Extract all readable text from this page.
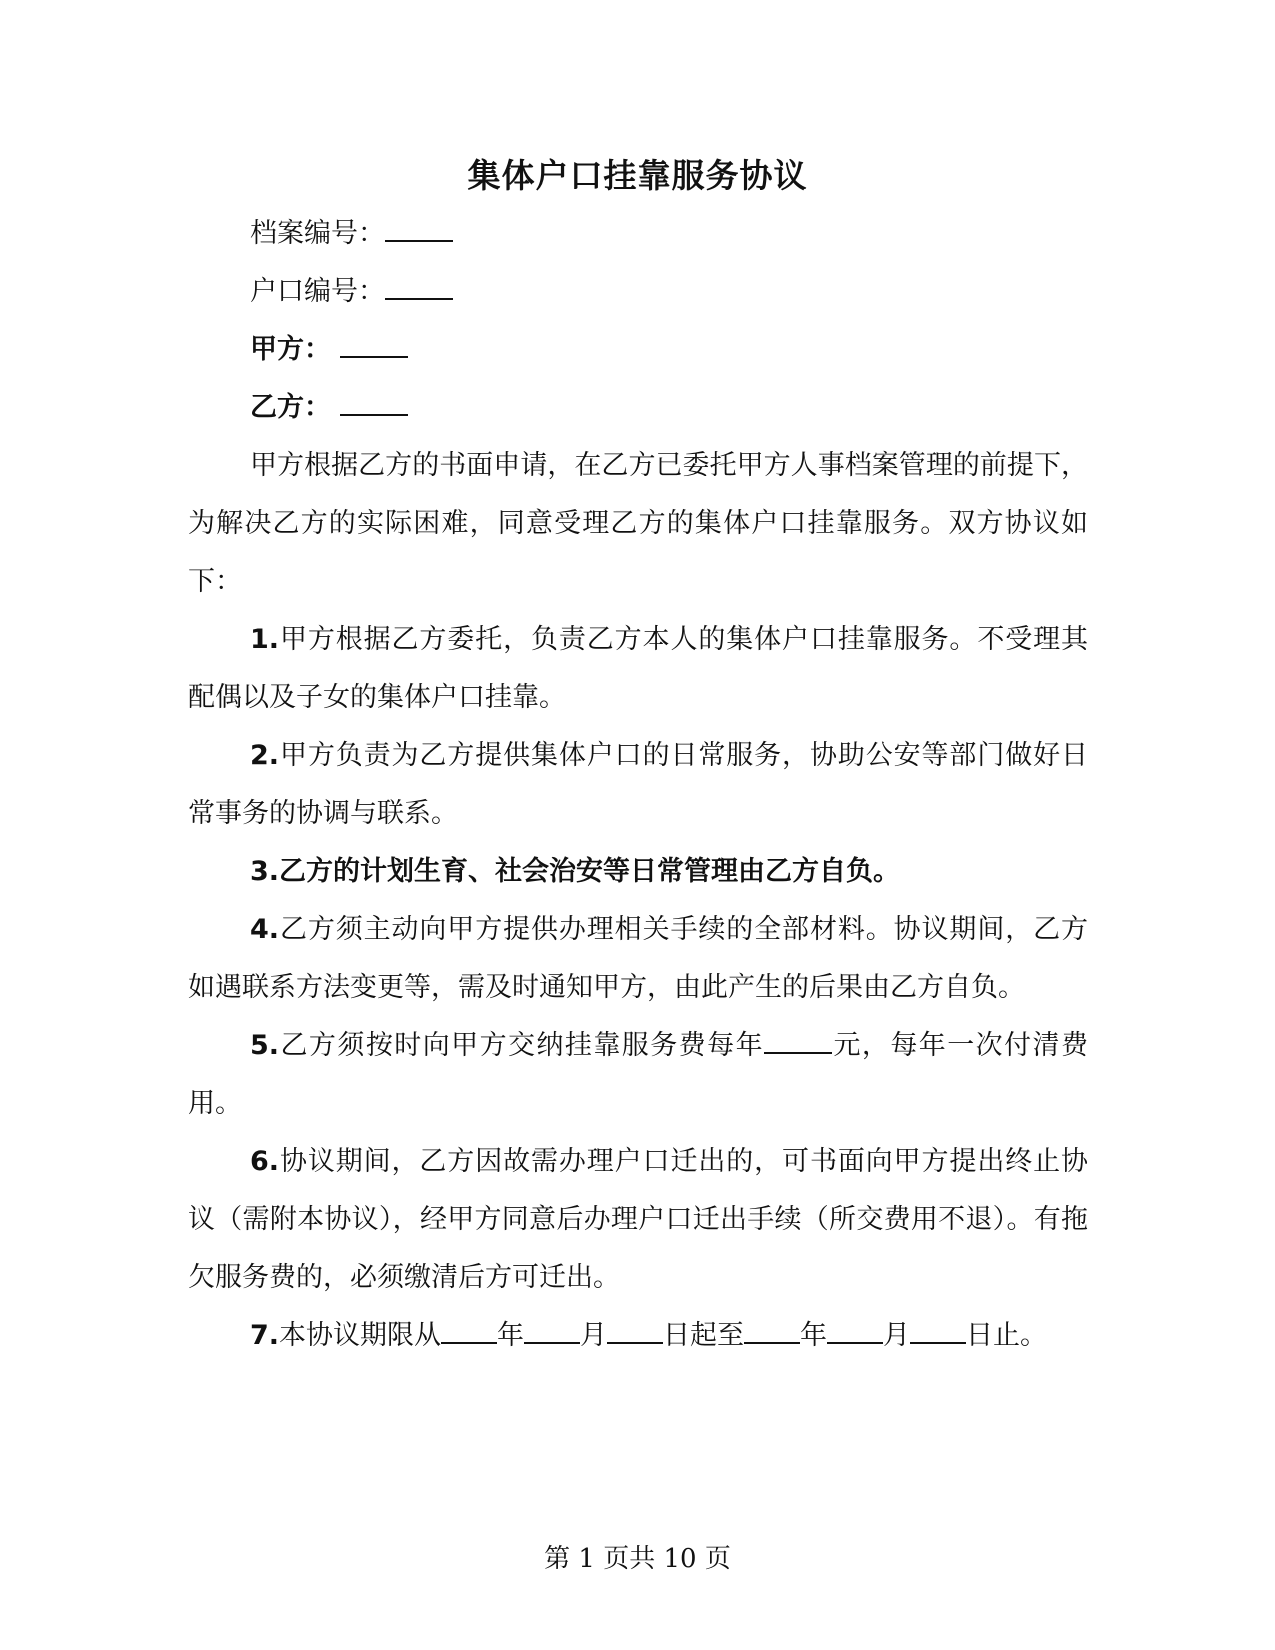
集体户口挂靠服务协议

档案编号：

户口编号：

甲方：

乙方：

甲方根据乙方的书面申请，在乙方已委托甲方人事档案管理的前提下，为解决乙方的实际困难，同意受理乙方的集体户口挂靠服务。双方协议如下：

1.甲方根据乙方委托，负责乙方本人的集体户口挂靠服务。不受理其配偶以及子女的集体户口挂靠。

2.甲方负责为乙方提供集体户口的日常服务，协助公安等部门做好日常事务的协调与联系。

3.乙方的计划生育、社会治安等日常管理由乙方自负。

4.乙方须主动向甲方提供办理相关手续的全部材料。协议期间，乙方如遇联系方法变更等，需及时通知甲方，由此产生的后果由乙方自负。

5.乙方须按时向甲方交纳挂靠服务费每年	元，每年一次付清费用。

6.协议期间，乙方因故需办理户口迁出的，可书面向甲方提出终止协议（需附本协议），经甲方同意后办理户口迁出手续（所交费用不退）。有拖欠服务费的，必须缴清后方可迁出。

7.本协议期限从 年 月 日起至 年 月 日止。

第 1 页共 10 页
